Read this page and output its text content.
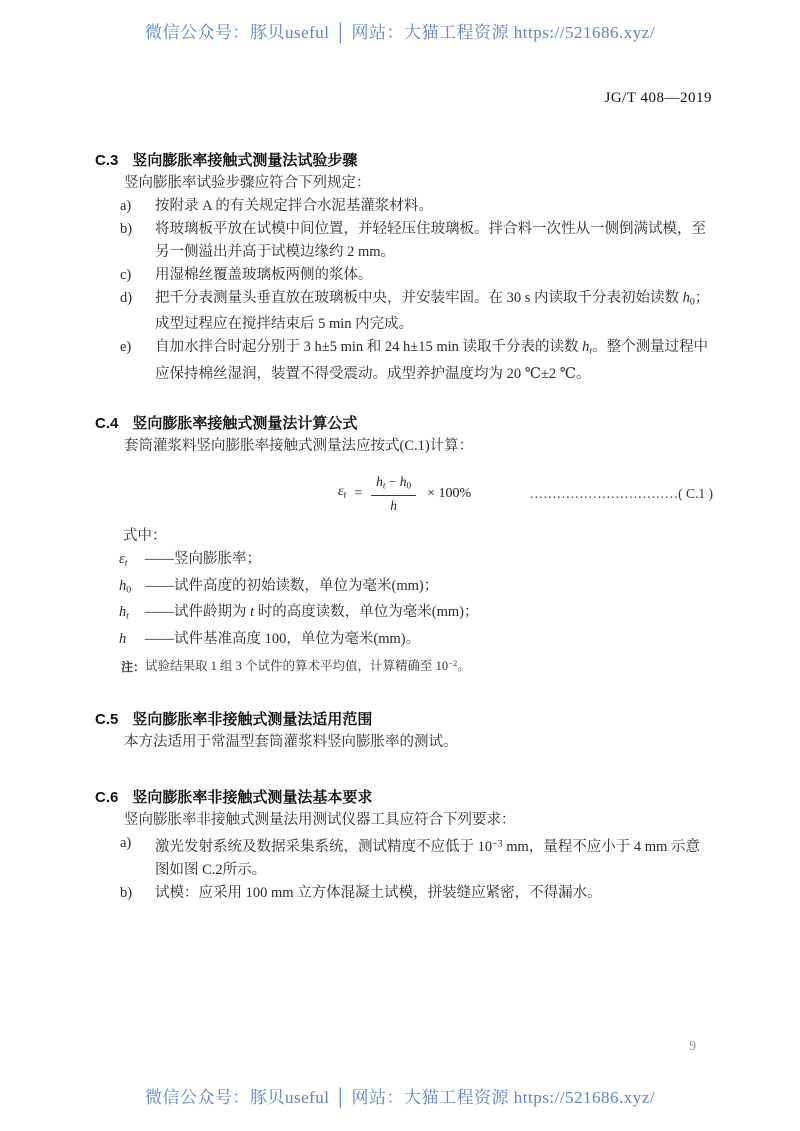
微信公众号：豚贝useful │ 网站：大猫工程资源 https://521686.xyz/
JG/T 408—2019
C.3 竖向膨胀率接触式测量法试验步骤

竖向膨胀率试验步骤应符合下列规定：

a) 按附录 A 的有关规定拌合水泥基灌浆材料。
b) 将玻璃板平放在试模中间位置，并轻轻压住玻璃板。拌合料一次性从一侧倒满试模，至另一侧溢出并高于试模边缘约 2 mm。
c) 用湿棉丝覆盖玻璃板两侧的浆体。
d) 把千分表测量头垂直放在玻璃板中央，并安装牢固。在 30 s 内读取千分表初始读数 $h_0$；成型过程应在搅拌结束后 5 min 内完成。
e) 自加水拌合时起分别于 3 h±5 min 和 24 h±15 min 读取千分表的读数 $h_t$。整个测量过程中应保持棉丝湿润，装置不得受震动。成型养护温度均为 20 ℃±2 ℃。
C.4 竖向膨胀率接触式测量法计算公式

套筒灌浆料竖向膨胀率接触式测量法应按式(C.1)计算：

$\varepsilon_t = \frac{h_t - h_0}{h} \times 100\%$	……………………………( C.1 )

式中：

$\varepsilon_t$ ——竖向膨胀率；
$h_0$ ——试件高度的初始读数，单位为毫米(mm)；
$h_t$ ——试件龄期为 t 时的高度读数，单位为毫米(mm)；
h ——试件基准高度 100，单位为毫米(mm)。
注：试验结果取 1 组 3 个试件的算术平均值，计算精确至 $10^{-2}$。
C.5 竖向膨胀率非接触式测量法适用范围

本方法适用于常温型套筒灌浆料竖向膨胀率的测试。

C.6 竖向膨胀率非接触式测量法基本要求

竖向膨胀率非接触式测量法用测试仪器工具应符合下列要求：

a) 激光发射系统及数据采集系统，测试精度不应低于 $10^{-3}$ mm，量程不应小于 4 mm 示意图如图 C.2所示。
b) 试模：应采用 100 mm 立方体混凝土试模，拼装缝应紧密，不得漏水。
9
微信公众号：豚贝useful │ 网站：大猫工程资源 https://521686.xyz/
